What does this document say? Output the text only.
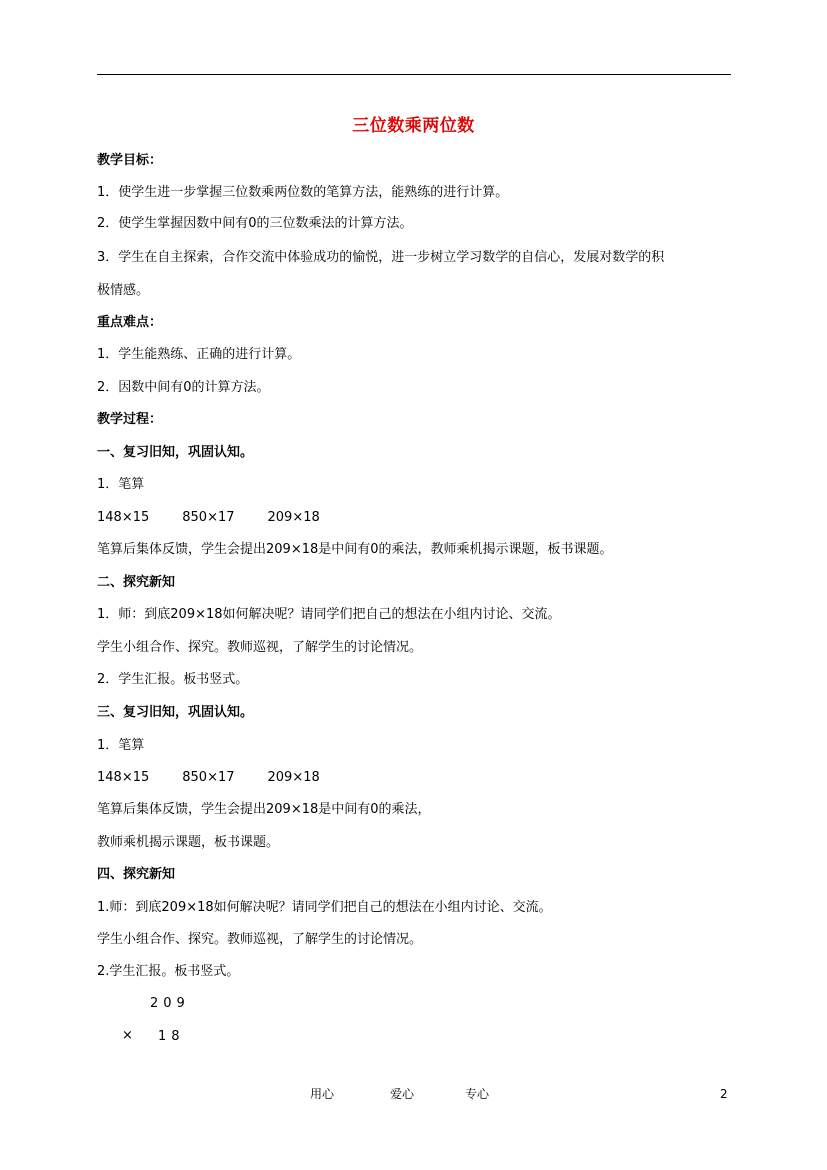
三位数乘两位数
教学目标：
1．使学生进一步掌握三位数乘两位数的笔算方法，能熟练的进行计算。
2．使学生掌握因数中间有0的三位数乘法的计算方法。
3．学生在自主探索，合作交流中体验成功的愉悦，进一步树立学习数学的自信心，发展对数学的积
极情感。
重点难点：
1．学生能熟练、正确的进行计算。
2．因数中间有0的计算方法。
教学过程：
一、复习旧知，巩固认知。
1．笔算
148×15	850×17	209×18
笔算后集体反馈，学生会提出209×18是中间有0的乘法，教师乘机揭示课题，板书课题。
二、探究新知
1．师：到底209×18如何解决呢？请同学们把自己的想法在小组内讨论、交流。
学生小组合作、探究。教师巡视，了解学生的讨论情况。
2．学生汇报。板书竖式。
三、复习旧知，巩固认知。
1．笔算
148×15	850×17	209×18
笔算后集体反馈，学生会提出209×18是中间有0的乘法，
教师乘机揭示课题，板书课题。
四、探究新知
1.师：到底209×18如何解决呢？请同学们把自己的想法在小组内讨论、交流。
学生小组合作、探究。教师巡视，了解学生的讨论情况。
2.学生汇报。板书竖式。
209
× 18
用心	爱心	专心	2
